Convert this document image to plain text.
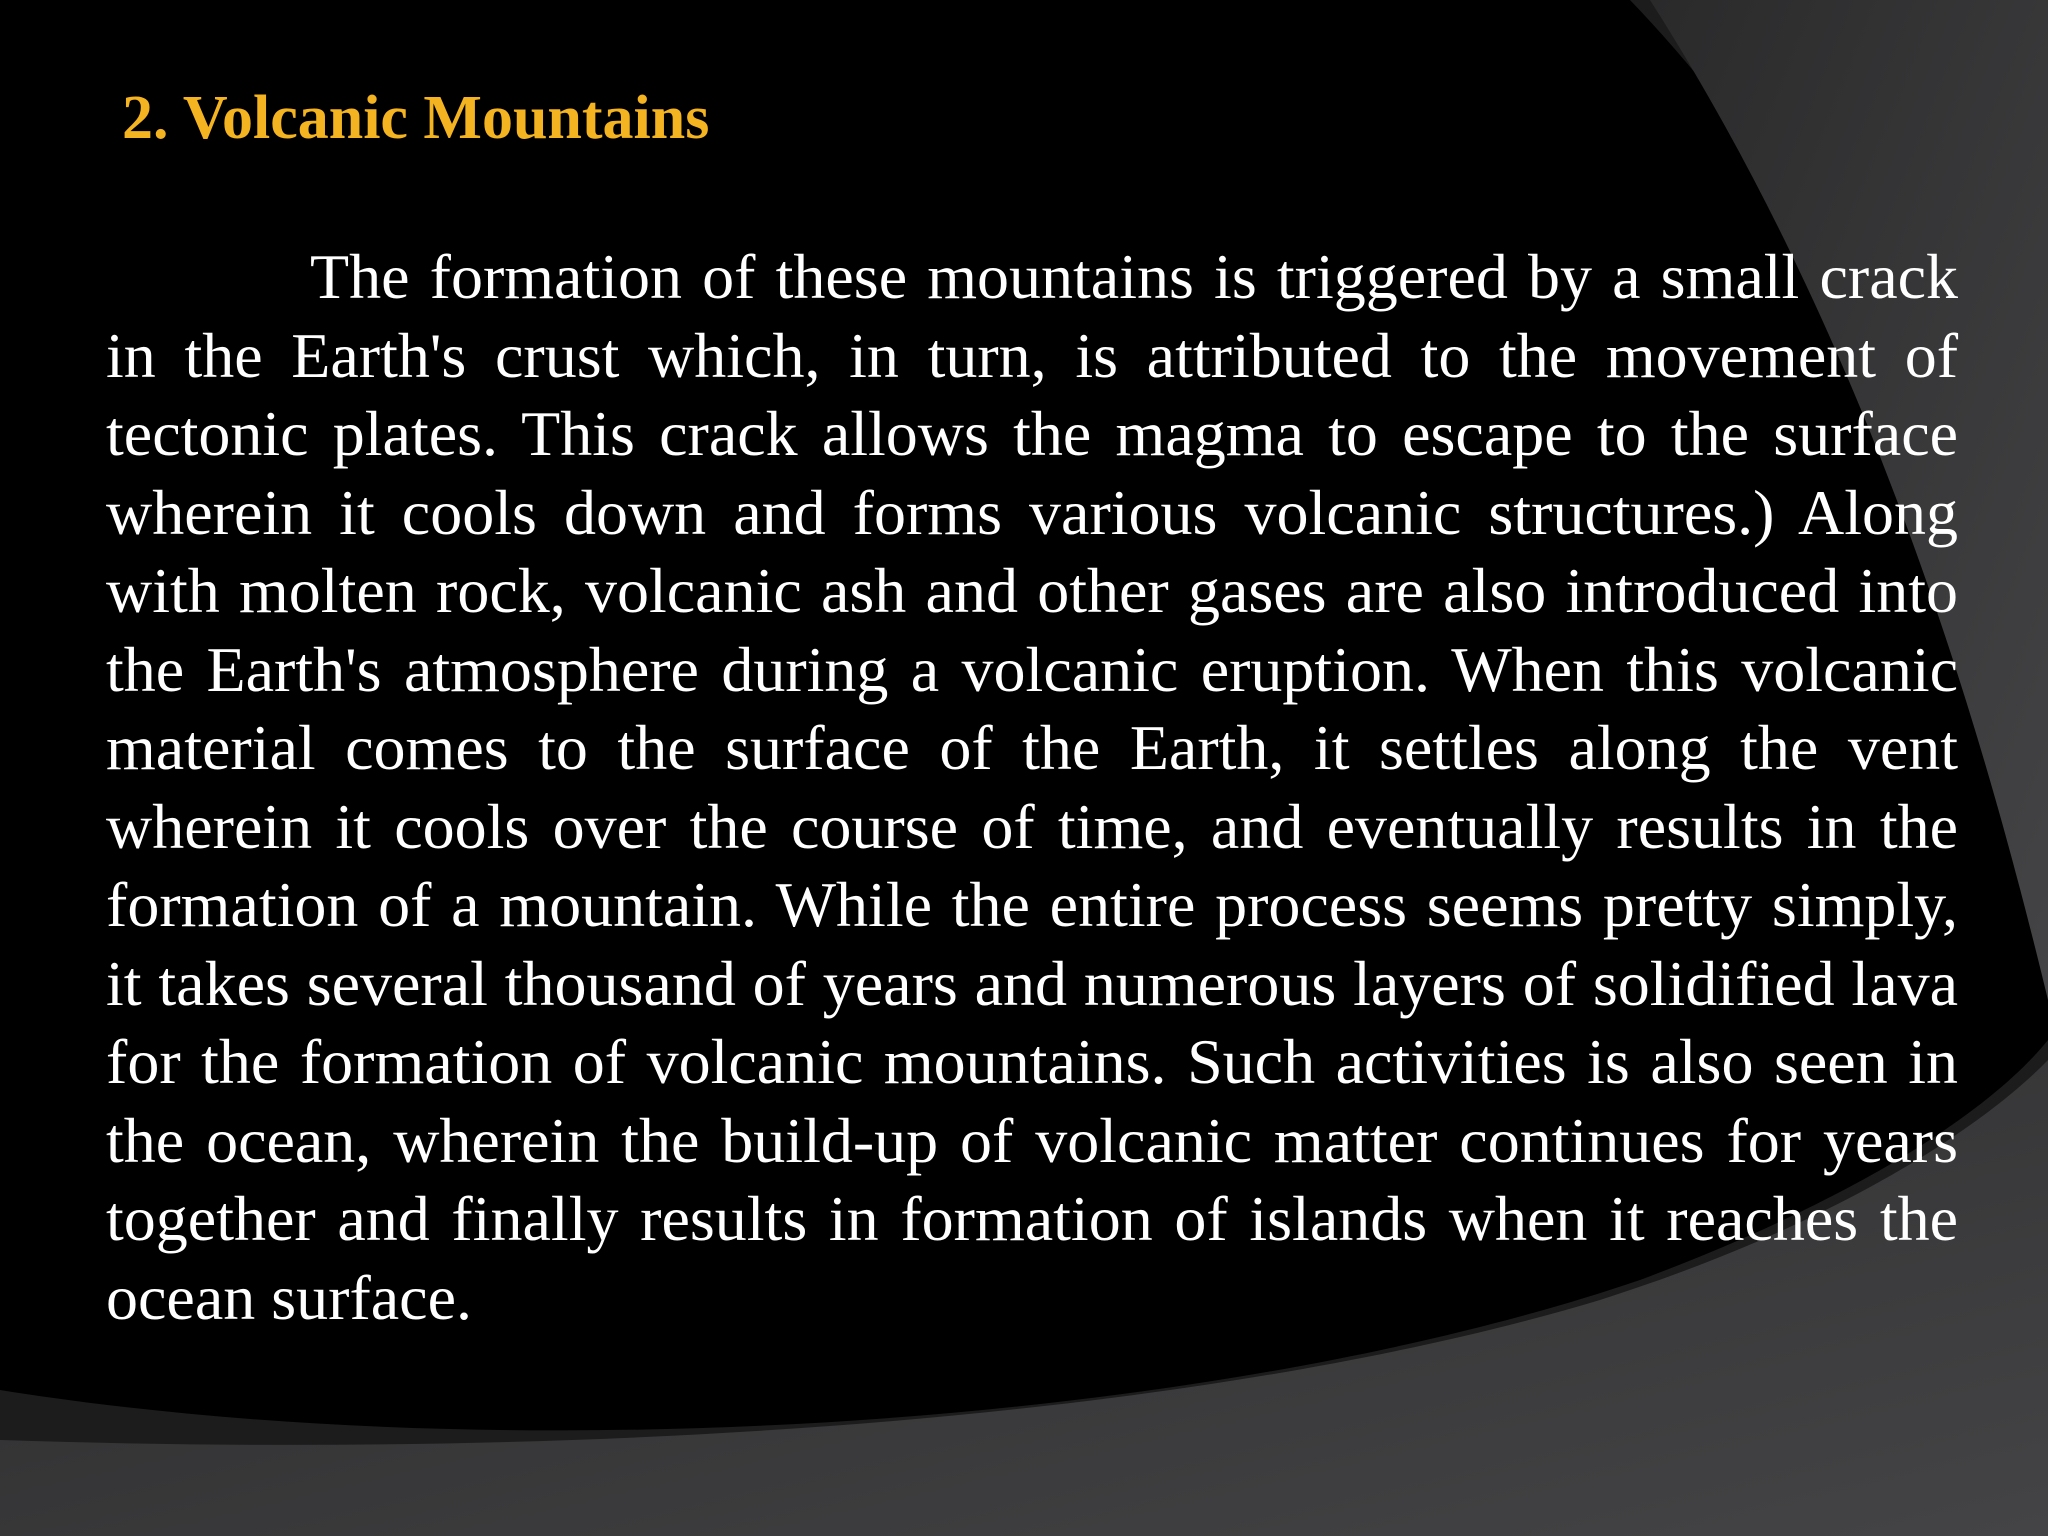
2. Volcanic Mountains

The formation of these mountains is triggered by a small crack in the Earth's crust which, in turn, is attributed to the movement of tectonic plates. This crack allows the magma to escape to the surface wherein it cools down and forms various volcanic structures.) Along with molten rock, volcanic ash and other gases are also introduced into the Earth's atmosphere during a volcanic eruption. When this volcanic material comes to the surface of the Earth, it settles along the vent wherein it cools over the course of time, and eventually results in the formation of a mountain. While the entire process seems pretty simply, it takes several thousand of years and numerous layers of solidified lava for the formation of volcanic mountains. Such activities is also seen in the ocean, wherein the build-up of volcanic matter continues for years together and finally results in formation of islands when it reaches the ocean surface.
